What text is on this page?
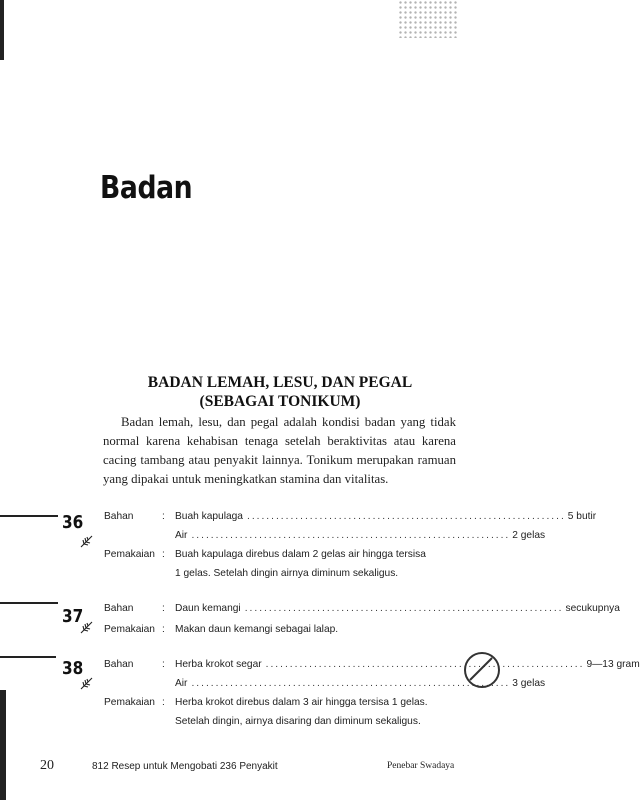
Badan
BADAN LEMAH, LESU, DAN PEGAL
(SEBAGAI TONIKUM)

Badan lemah, lesu, dan pegal adalah kondisi badan yang tidak normal karena kehabisan tenaga setelah beraktivitas atau karena cacing tambang atau penyakit lainnya. Tonikum merupakan ramuan yang dipakai untuk meningkatkan stamina dan vitalitas.

36 Bahan	: Buah kapulaga .................................................................. 5 butir
Air .................................................................. 2 gelas
Pemakaian : Buah kapulaga direbus dalam 2 gelas air hingga tersisa
1 gelas. Setelah dingin airnya diminum sekaligus.
37 Bahan	: Daun kemangi .................................................................. secukupnya
Pemakaian : Makan daun kemangi sebagai lalap.
38 Bahan	: Herba krokot segar .................................................................. 9—13 gram
Air .................................................................. 3 gelas
Pemakaian : Herba krokot direbus dalam 3 air hingga tersisa 1 gelas.
Setelah dingin, airnya disaring dan diminum sekaligus.
20	812 Resep untuk Mengobati 236 Penyakit	Penebar Swadaya
